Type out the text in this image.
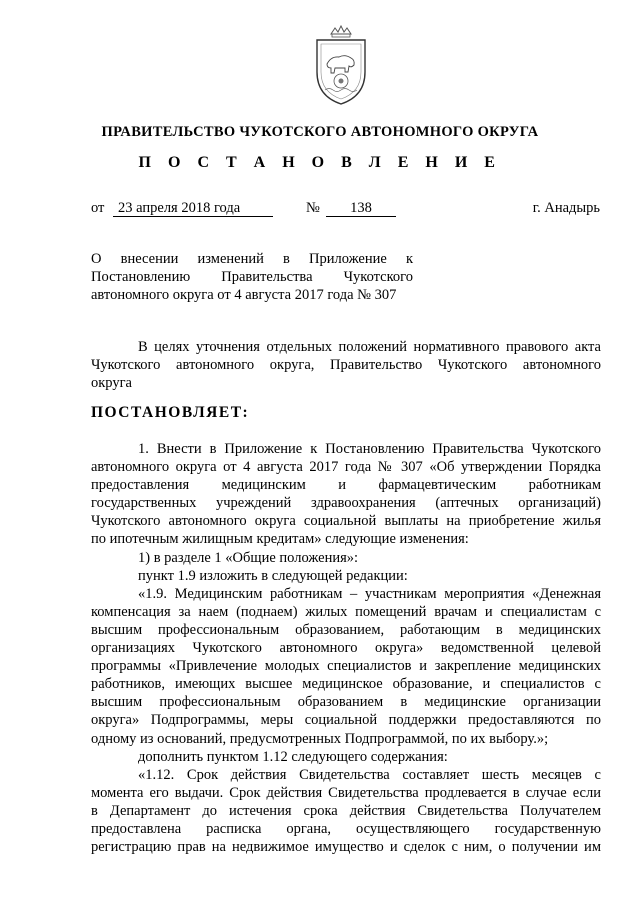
ПРАВИТЕЛЬСТВО ЧУКОТСКОГО АВТОНОМНОГО ОКРУГА
П О С Т А Н О В Л Е Н И Е
от 23 апреля 2018 года	№	138	г. Анадырь
О внесении изменений в Приложение к
Постановлению Правительства Чукотского
автономного округа от 4 августа 2017 года № 307
В целях уточнения отдельных положений нормативного правового акта
Чукотского автономного округа, Правительство Чукотского автономного
округа
ПОСТАНОВЛЯЕТ:
1. Внести в Приложение к Постановлению Правительства Чукотского
автономного округа от 4 августа 2017 года № 307 «Об утверждении Порядка
предоставления медицинским и фармацевтическим работникам
государственных учреждений здравоохранения (аптечных организаций)
Чукотского автономного округа социальной выплаты на приобретение жилья
по ипотечным жилищным кредитам» следующие изменения:
1) в разделе 1 «Общие положения»:
пункт 1.9 изложить в следующей редакции:
«1.9. Медицинским работникам – участникам мероприятия «Денежная
компенсация за наем (поднаем) жилых помещений врачам и специалистам с
высшим профессиональным образованием, работающим в медицинских
организациях Чукотского автономного округа» ведомственной целевой
программы «Привлечение молодых специалистов и закрепление медицинских
работников, имеющих высшее медицинское образование, и специалистов с
высшим профессиональным образованием в медицинские организации
округа» Подпрограммы, меры социальной поддержки предоставляются по
одному из оснований, предусмотренных Подпрограммой, по их выбору.»;
дополнить пунктом 1.12 следующего содержания:
«1.12. Срок действия Свидетельства составляет шесть месяцев с
момента его выдачи. Срок действия Свидетельства продлевается в случае если
в Департамент до истечения срока действия Свидетельства Получателем
предоставлена расписка органа, осуществляющего государственную
регистрацию прав на недвижимое имущество и сделок с ним, о получении им
